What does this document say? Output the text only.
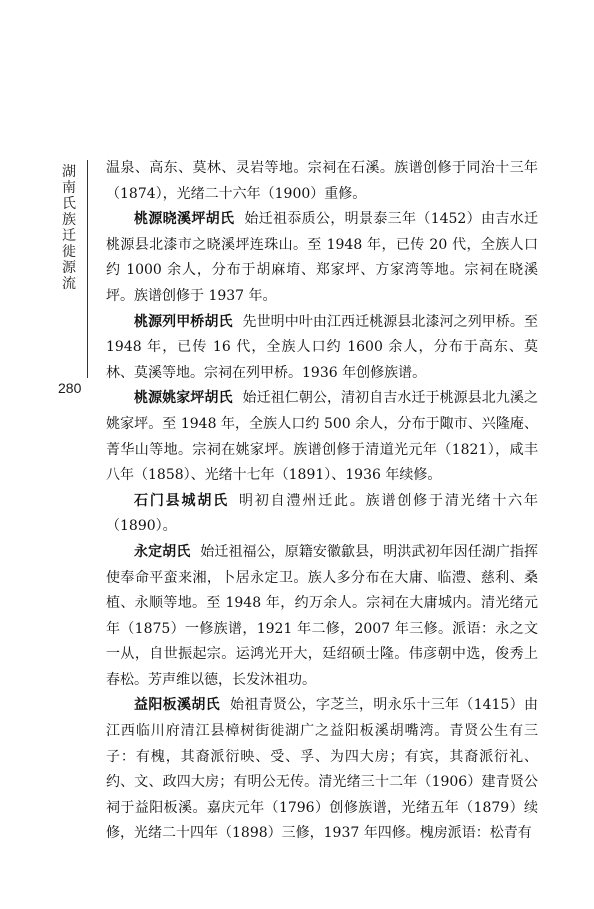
湖
南
氏
族
迁
徙
源
流
280

温泉、高东、莫林、灵岩等地。宗祠在石溪。族谱创修于同治十三年（1874），光绪二十六年（1900）重修。

桃源晓溪坪胡氏 始迁祖忝质公，明景泰三年（1452）由吉水迁桃源县北漆市之晓溪坪连珠山。至 1948 年，已传 20 代，全族人口约 1000 余人，分布于胡麻堉、郑家坪、方家湾等地。宗祠在晓溪坪。族谱创修于 1937 年。

桃源列甲桥胡氏 先世明中叶由江西迁桃源县北漆河之列甲桥。至 1948 年，已传 16 代，全族人口约 1600 余人，分布于高东、莫林、莫溪等地。宗祠在列甲桥。1936 年创修族谱。

桃源姚家坪胡氏 始迁祖仁朝公，清初自吉水迁于桃源县北九溪之姚家坪。至 1948 年，全族人口约 500 余人，分布于陬市、兴隆庵、菁华山等地。宗祠在姚家坪。族谱创修于清道光元年（1821），咸丰八年（1858）、光绪十七年（1891）、1936 年续修。

石门县城胡氏 明初自澧州迁此。族谱创修于清光绪十六年（1890）。

永定胡氏 始迁祖福公，原籍安徽歙县，明洪武初年因任湖广指挥使奉命平蛮来湘，卜居永定卫。族人多分布在大庸、临澧、慈利、桑植、永顺等地。至 1948 年，约万余人。宗祠在大庸城内。清光绪元年（1875）一修族谱，1921 年二修，2007 年三修。派语：永之文一从，自世振起宗。运鸿光开大，廷绍硕士隆。伟彦朝中选，俊秀上春松。芳声维以德，长发沐祖功。

益阳板溪胡氏 始祖青贤公，字芝兰，明永乐十三年（1415）由江西临川府清江县樟树街徙湖广之益阳板溪胡嘴湾。青贤公生有三子：有槐，其裔派衍映、受、孚、为四大房；有宾，其裔派衍礼、约、文、政四大房；有明公无传。清光绪三十二年（1906）建青贤公祠于益阳板溪。嘉庆元年（1796）创修族谱，光绪五年（1879）续修，光绪二十四年（1898）三修，1937 年四修。槐房派语：松青有
